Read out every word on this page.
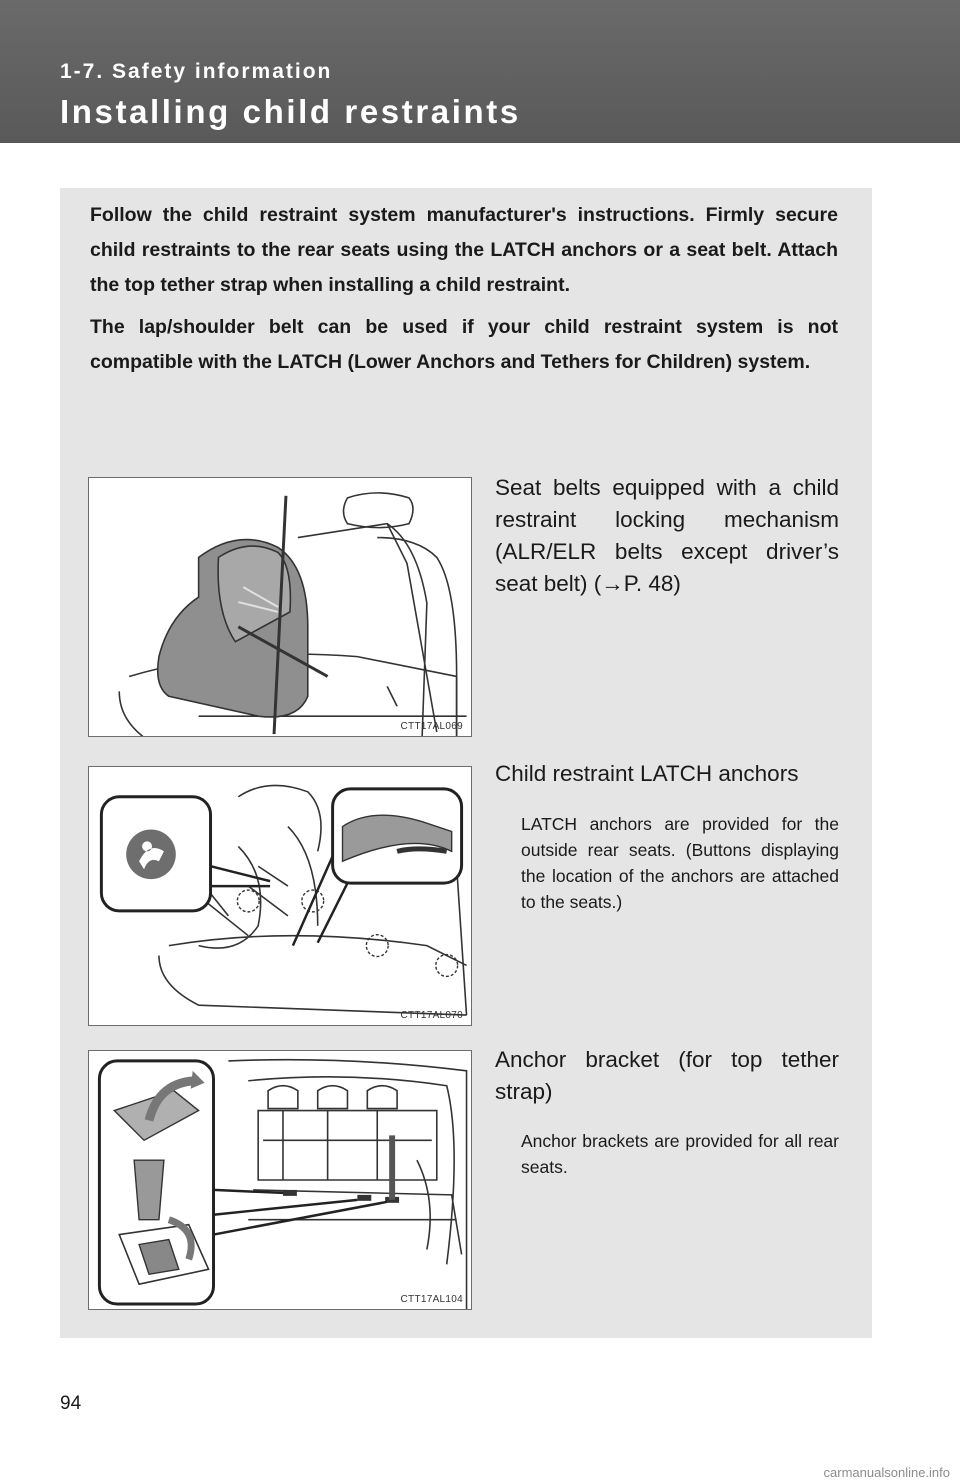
1-7. Safety information
Installing child restraints

Follow the child restraint system manufacturer's instructions. Firmly secure child restraints to the rear seats using the LATCH anchors or a seat belt. Attach the top tether strap when installing a child restraint.

The lap/shoulder belt can be used if your child restraint system is not compatible with the LATCH (Lower Anchors and Tethers for Children) system.

CTT17AL069

Seat belts equipped with a child restraint locking mechanism (ALR/ELR belts except driver’s seat belt) (→P. 48)

CTT17AL070

Child restraint LATCH anchors

LATCH anchors are provided for the outside rear seats. (Buttons displaying the location of the anchors are attached to the seats.)

CTT17AL104

Anchor bracket (for top tether strap)

Anchor brackets are provided for all rear seats.

94
carmanualsonline.info
